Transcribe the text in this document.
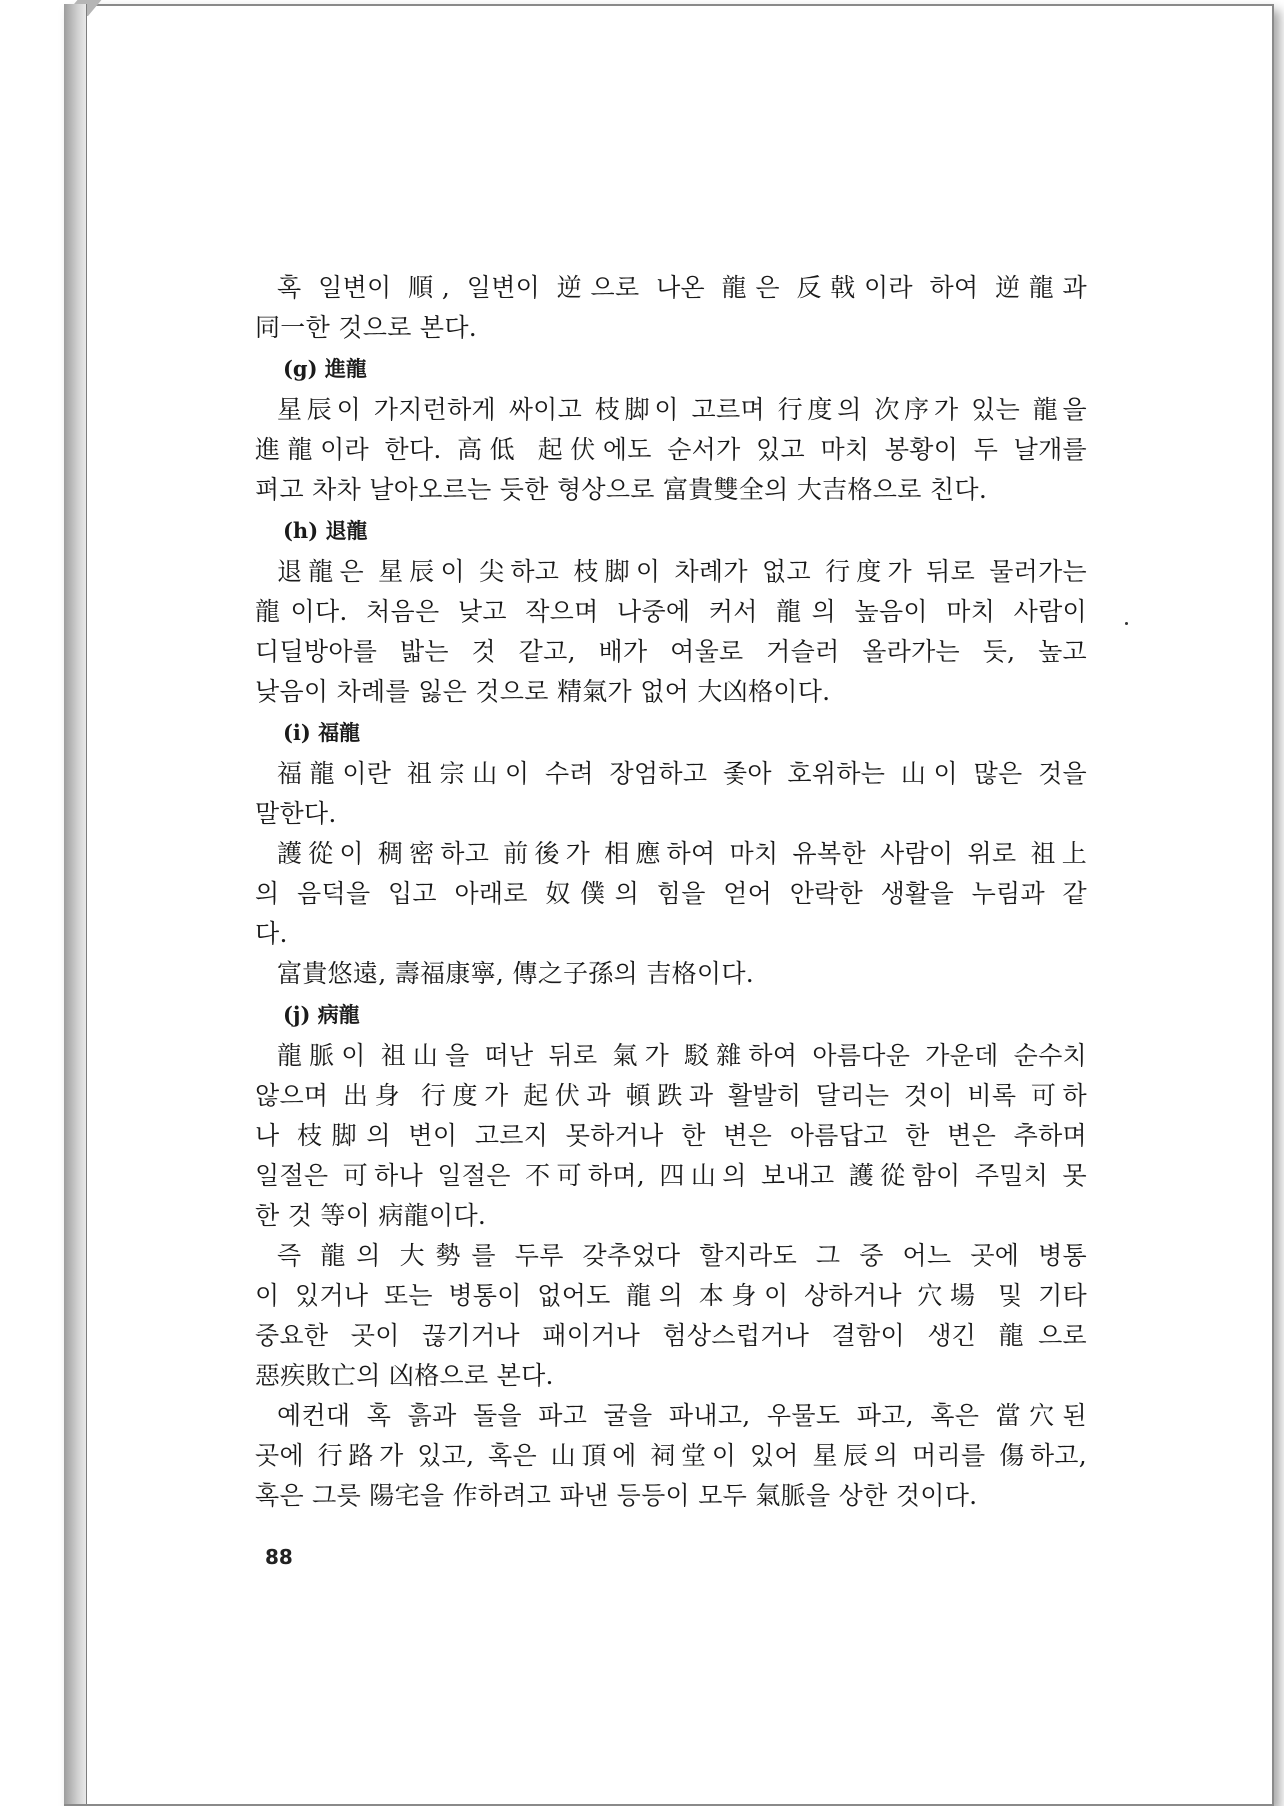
혹 일변이 順, 일변이 逆으로 나온 龍은 反戟이라 하여 逆龍과
同一한 것으로 본다.

(g) 進龍

星辰이 가지런하게 싸이고 枝脚이 고르며 行度의 次序가 있는 龍을
進龍이라 한다. 高低 起伏에도 순서가 있고 마치 봉황이 두 날개를
펴고 차차 날아오르는 듯한 형상으로 富貴雙全의 大吉格으로 친다.

(h) 退龍

退龍은 星辰이 尖하고 枝脚이 차례가 없고 行度가 뒤로 물러가는
龍이다. 처음은 낮고 작으며 나중에 커서 龍의 높음이 마치 사람이
디딜방아를 밟는 것 같고, 배가 여울로 거슬러 올라가는 듯, 높고
낮음이 차례를 잃은 것으로 精氣가 없어 大凶格이다.

(i) 福龍

福龍이란 祖宗山이 수려 장엄하고 좇아 호위하는 山이 많은 것을
말한다.

護從이 稠密하고 前後가 相應하여 마치 유복한 사람이 위로 祖上
의 음덕을 입고 아래로 奴僕의 힘을 얻어 안락한 생활을 누림과 같
다.

富貴悠遠, 壽福康寧, 傳之子孫의 吉格이다.

(j) 病龍

龍脈이 祖山을 떠난 뒤로 氣가 駁雜하여 아름다운 가운데 순수치
않으며 出身 行度가 起伏과 頓跌과 활발히 달리는 것이 비록 可하
나 枝脚의 변이 고르지 못하거나 한 변은 아름답고 한 변은 추하며
일절은 可하나 일절은 不可하며, 四山의 보내고 護從함이 주밀치 못
한 것 等이 病龍이다.

즉 龍의 大勢를 두루 갖추었다 할지라도 그 중 어느 곳에 병통
이 있거나 또는 병통이 없어도 龍의 本身이 상하거나 穴場 및 기타
중요한 곳이 끊기거나 패이거나 험상스럽거나 결함이 생긴 龍으로
惡疾敗亡의 凶格으로 본다.

예컨대 혹 흙과 돌을 파고 굴을 파내고, 우물도 파고, 혹은 當穴된
곳에 行路가 있고, 혹은 山頂에 祠堂이 있어 星辰의 머리를 傷하고,
혹은 그릇 陽宅을 作하려고 파낸 등등이 모두 氣脈을 상한 것이다.

88
